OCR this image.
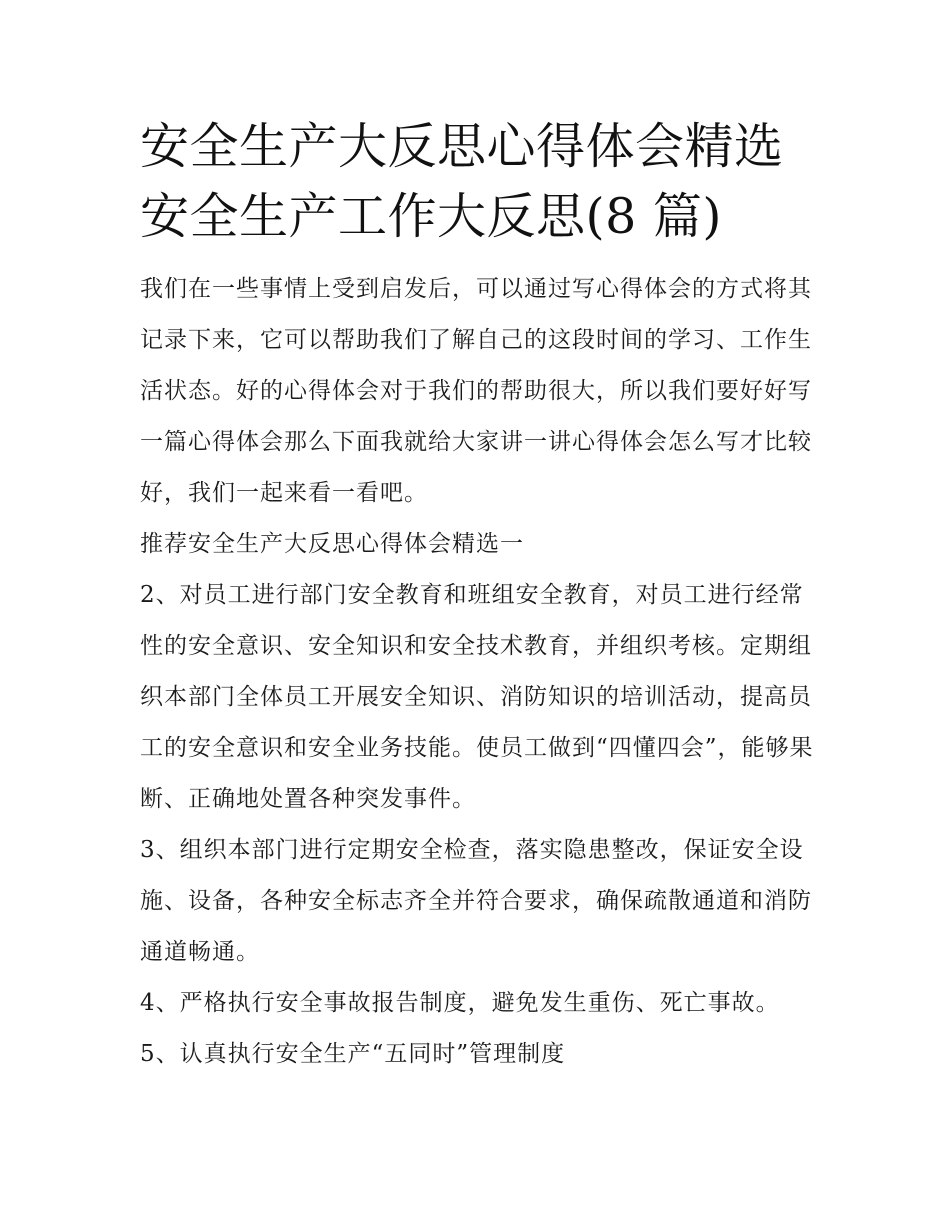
安全生产大反思心得体会精选
安全生产工作大反思(8 篇)

我们在一些事情上受到启发后，可以通过写心得体会的方式将其记录下来，它可以帮助我们了解自己的这段时间的学习、工作生活状态。好的心得体会对于我们的帮助很大，所以我们要好好写一篇心得体会那么下面我就给大家讲一讲心得体会怎么写才比较好，我们一起来看一看吧。

推荐安全生产大反思心得体会精选一

2、对员工进行部门安全教育和班组安全教育，对员工进行经常性的安全意识、安全知识和安全技术教育，并组织考核。定期组织本部门全体员工开展安全知识、消防知识的培训活动，提高员工的安全意识和安全业务技能。使员工做到“四懂四会”，能够果断、正确地处置各种突发事件。

3、组织本部门进行定期安全检查，落实隐患整改，保证安全设施、设备，各种安全标志齐全并符合要求，确保疏散通道和消防通道畅通。

4、严格执行安全事故报告制度，避免发生重伤、死亡事故。

5、认真执行安全生产“五同时”管理制度
